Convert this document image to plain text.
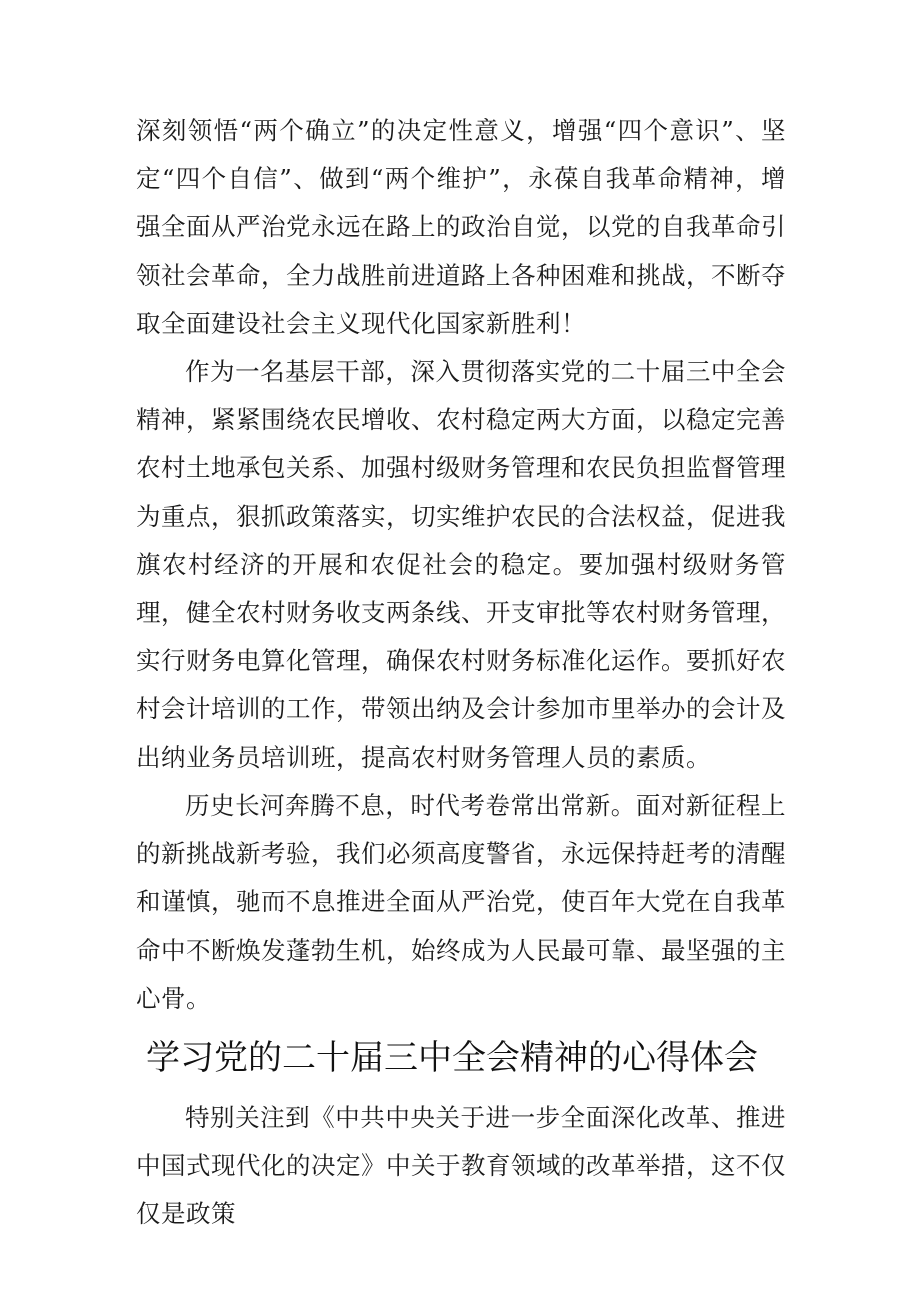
深刻领悟“两个确立”的决定性意义，增强“四个意识”、坚定“四个自信”、做到“两个维护”，永葆自我革命精神，增强全面从严治党永远在路上的政治自觉，以党的自我革命引领社会革命，全力战胜前进道路上各种困难和挑战，不断夺取全面建设社会主义现代化国家新胜利！

作为一名基层干部，深入贯彻落实党的二十届三中全会精神，紧紧围绕农民增收、农村稳定两大方面，以稳定完善农村土地承包关系、加强村级财务管理和农民负担监督管理为重点，狠抓政策落实，切实维护农民的合法权益，促进我旗农村经济的开展和农促社会的稳定。要加强村级财务管理，健全农村财务收支两条线、开支审批等农村财务管理，实行财务电算化管理，确保农村财务标准化运作。要抓好农村会计培训的工作，带领出纳及会计参加市里举办的会计及出纳业务员培训班，提高农村财务管理人员的素质。

历史长河奔腾不息，时代考卷常出常新。面对新征程上的新挑战新考验，我们必须高度警省，永远保持赶考的清醒和谨慎，驰而不息推进全面从严治党，使百年大党在自我革命中不断焕发蓬勃生机，始终成为人民最可靠、最坚强的主心骨。

学习党的二十届三中全会精神的心得体会

特别关注到《中共中央关于进一步全面深化改革、推进中国式现代化的决定》中关于教育领域的改革举措，这不仅仅是政策
